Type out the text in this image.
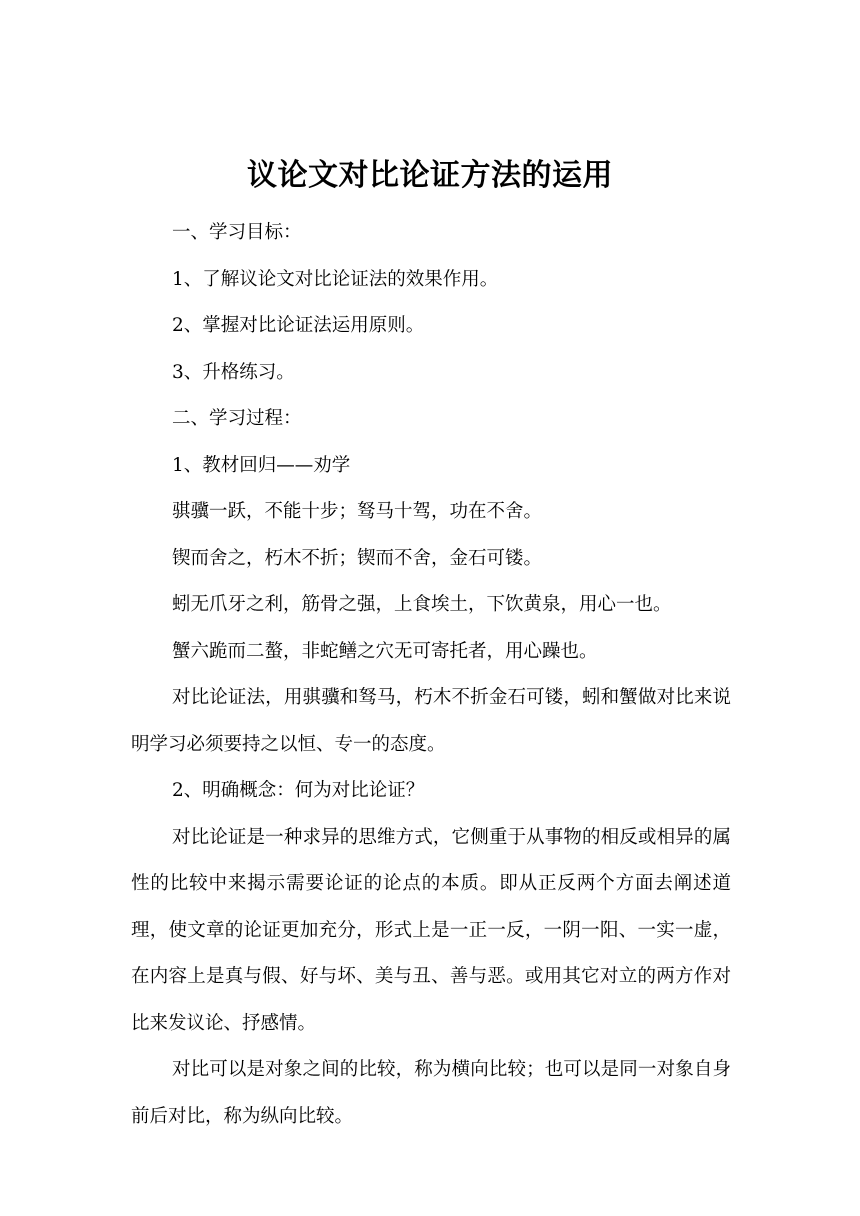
议论文对比论证方法的运用

一、学习目标：

1、了解议论文对比论证法的效果作用。

2、掌握对比论证法运用原则。

3、升格练习。

二、学习过程：

1、教材回归——劝学

骐骥一跃，不能十步；驽马十驾，功在不舍。

锲而舍之，朽木不折；锲而不舍，金石可镂。

蚓无爪牙之利，筋骨之强，上食埃土，下饮黄泉，用心一也。

蟹六跪而二螯，非蛇鳝之穴无可寄托者，用心躁也。

对比论证法，用骐骥和驽马，朽木不折金石可镂，蚓和蟹做对比来说明学习必须要持之以恒、专一的态度。

2、明确概念：何为对比论证？

对比论证是一种求异的思维方式，它侧重于从事物的相反或相异的属性的比较中来揭示需要论证的论点的本质。即从正反两个方面去阐述道理，使文章的论证更加充分，形式上是一正一反，一阴一阳、一实一虚，在内容上是真与假、好与坏、美与丑、善与恶。或用其它对立的两方作对比来发议论、抒感情。

对比可以是对象之间的比较，称为横向比较；也可以是同一对象自身前后对比，称为纵向比较。
